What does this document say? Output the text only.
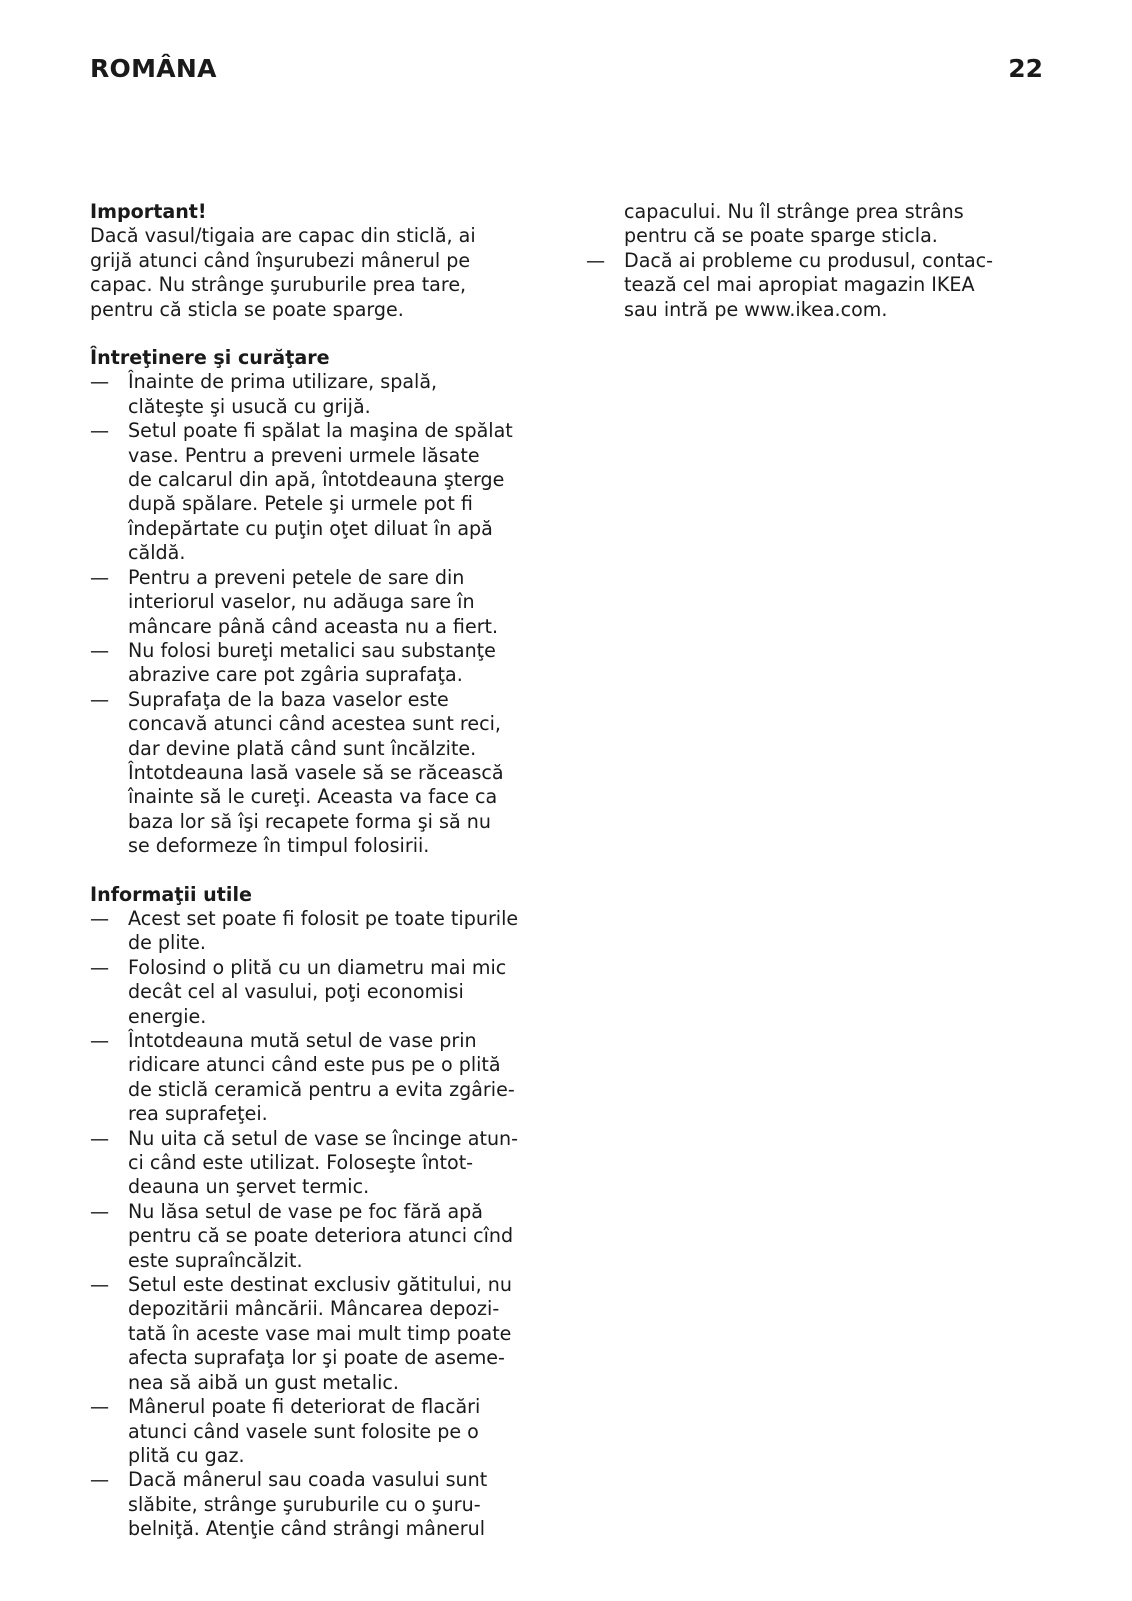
ROMÂNA	22
Important!
Dacă vasul/tigaia are capac din sticlă, ai
grijă atunci când înşurubezi mânerul pe
capac. Nu strânge şuruburile prea tare,
pentru că sticla se poate sparge.
Întreţinere şi curăţare
— Înainte de prima utilizare, spală,
clăteşte şi usucă cu grijă.
— Setul poate fi spălat la maşina de spălat
vase. Pentru a preveni urmele lăsate
de calcarul din apă, întotdeauna şterge
după spălare. Petele şi urmele pot fi
îndepărtate cu puţin oţet diluat în apă
căldă.
— Pentru a preveni petele de sare din
interiorul vaselor, nu adăuga sare în
mâncare până când aceasta nu a fiert.
— Nu folosi bureţi metalici sau substanţe
abrazive care pot zgâria suprafaţa.
— Suprafaţa de la baza vaselor este
concavă atunci când acestea sunt reci,
dar devine plată când sunt încălzite.
Întotdeauna lasă vasele să se răcească
înainte să le cureţi. Aceasta va face ca
baza lor să îşi recapete forma şi să nu
se deformeze în timpul folosirii.
Informaţii utile
— Acest set poate fi folosit pe toate tipurile
de plite.
— Folosind o plită cu un diametru mai mic
decât cel al vasului, poţi economisi
energie.
— Întotdeauna mută setul de vase prin
ridicare atunci când este pus pe o plită
de sticlă ceramică pentru a evita zgârie-
rea suprafeţei.
— Nu uita că setul de vase se încinge atun-
ci când este utilizat. Foloseşte întot-
deauna un şervet termic.
— Nu lăsa setul de vase pe foc fără apă
pentru că se poate deteriora atunci cînd
este supraîncălzit.
— Setul este destinat exclusiv gătitului, nu
depozitării mâncării. Mâncarea depozi-
tată în aceste vase mai mult timp poate
afecta suprafaţa lor şi poate de aseme-
nea să aibă un gust metalic.
— Mânerul poate fi deteriorat de flacări
atunci când vasele sunt folosite pe o
plită cu gaz.
— Dacă mânerul sau coada vasului sunt
slăbite, strânge şuruburile cu o şuru-
belniţă. Atenţie când strângi mânerul
capacului. Nu îl strânge prea strâns
pentru că se poate sparge sticla.
— Dacă ai probleme cu produsul, contac-
tează cel mai apropiat magazin IKEA
sau intră pe www.ikea.com.
